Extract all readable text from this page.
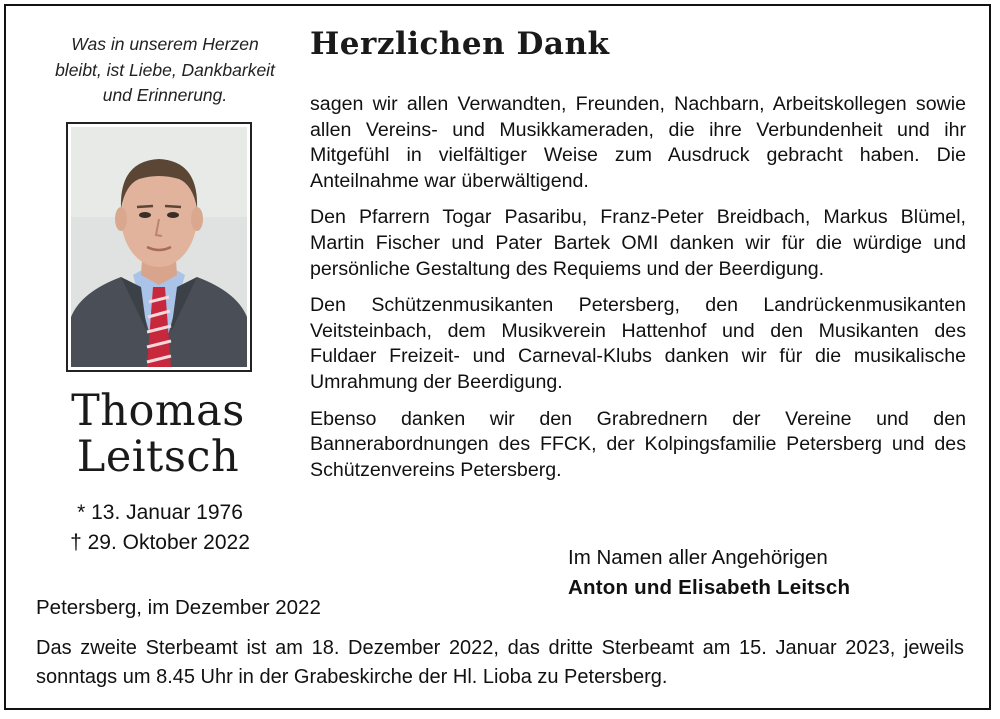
Was in unserem Herzen
bleibt, ist Liebe, Dankbarkeit
und Erinnerung.
Thomas
Leitsch
* 13. Januar 1976
† 29. Oktober 2022
Herzlichen Dank

sagen wir allen Verwandten, Freunden, Nachbarn, Arbeitskollegen sowie allen Vereins- und Musikkameraden, die ihre Verbundenheit und ihr Mitgefühl in vielfältiger Weise zum Ausdruck gebracht haben. Die Anteilnahme war überwältigend.

Den Pfarrern Togar Pasaribu, Franz-Peter Breidbach, Markus Blümel, Martin Fischer und Pater Bartek OMI danken wir für die würdige und persönliche Gestaltung des Requiems und der Beerdigung.

Den Schützenmusikanten Petersberg, den Landrückenmusikanten Veitsteinbach, dem Musikverein Hattenhof und den Musikanten des Fuldaer Freizeit- und Carneval-Klubs danken wir für die musikalische Umrahmung der Beerdigung.

Ebenso danken wir den Grabrednern der Vereine und den Bannerabordnungen des FFCK, der Kolpingsfamilie Petersberg und des Schützenvereins Petersberg.

Im Namen aller Angehörigen
Anton und Elisabeth Leitsch
Petersberg, im Dezember 2022
Das zweite Sterbeamt ist am 18. Dezember 2022, das dritte Sterbeamt am 15. Januar 2023, jeweils sonntags um 8.45 Uhr in der Grabeskirche der Hl. Lioba zu Petersberg.
